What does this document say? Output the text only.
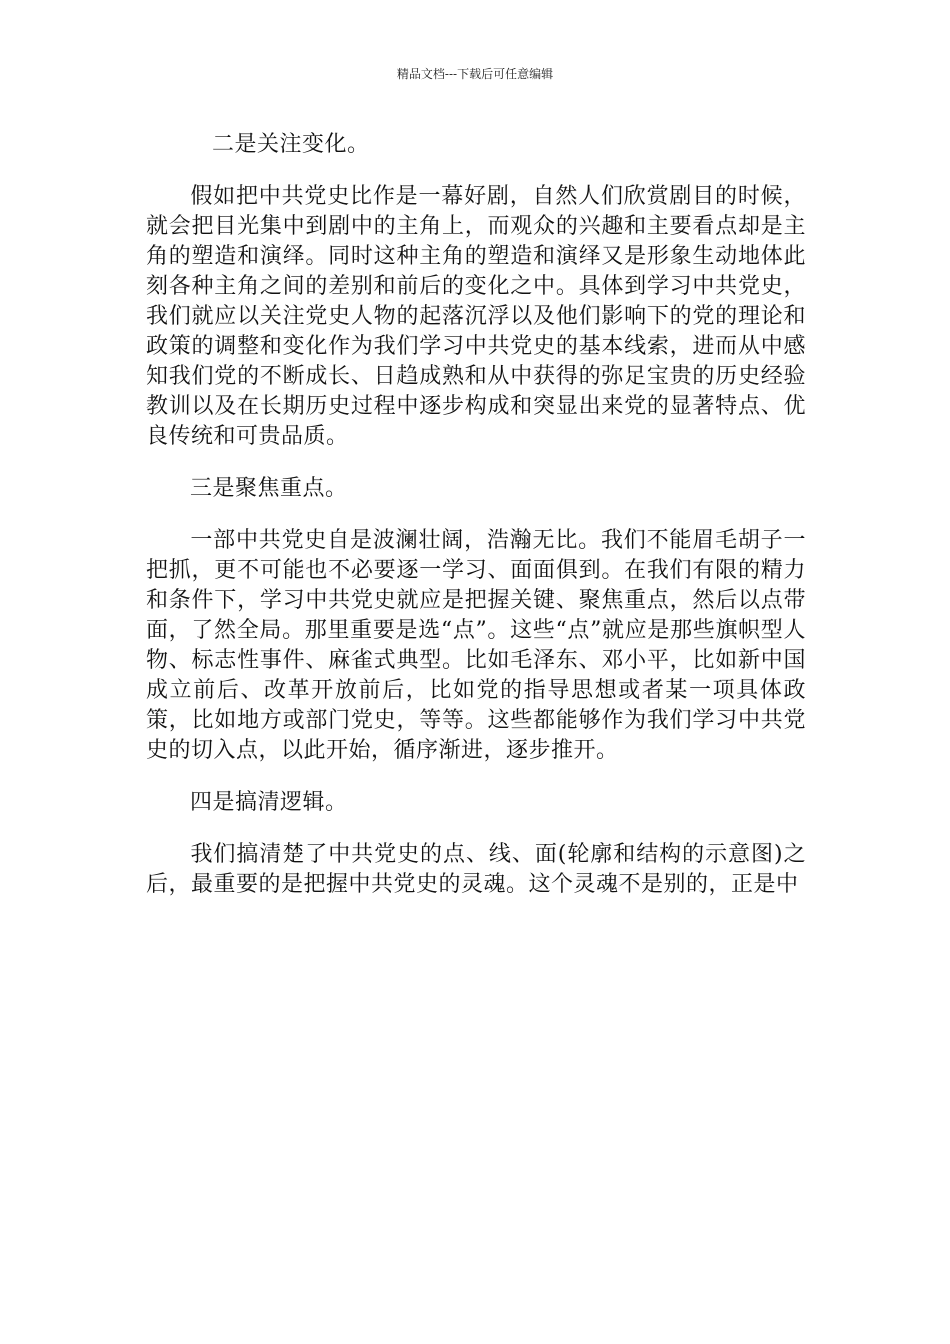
精品文档---下载后可任意编辑

二是关注变化。

假如把中共党史比作是一幕好剧，自然人们欣赏剧目的时候，就会把目光集中到剧中的主角上，而观众的兴趣和主要看点却是主角的塑造和演绎。同时这种主角的塑造和演绎又是形象生动地体此刻各种主角之间的差别和前后的变化之中。具体到学习中共党史，我们就应以关注党史人物的起落沉浮以及他们影响下的党的理论和政策的调整和变化作为我们学习中共党史的基本线索，进而从中感知我们党的不断成长、日趋成熟和从中获得的弥足宝贵的历史经验教训以及在长期历史过程中逐步构成和突显出来党的显著特点、优良传统和可贵品质。

三是聚焦重点。

一部中共党史自是波澜壮阔，浩瀚无比。我们不能眉毛胡子一把抓，更不可能也不必要逐一学习、面面俱到。在我们有限的精力和条件下，学习中共党史就应是把握关键、聚焦重点，然后以点带面，了然全局。那里重要是选“点”。这些“点”就应是那些旗帜型人物、标志性事件、麻雀式典型。比如毛泽东、邓小平，比如新中国成立前后、改革开放前后，比如党的指导思想或者某一项具体政策，比如地方或部门党史，等等。这些都能够作为我们学习中共党史的切入点，以此开始，循序渐进，逐步推开。

四是搞清逻辑。

我们搞清楚了中共党史的点、线、面(轮廓和结构的示意图)之后，最重要的是把握中共党史的灵魂。这个灵魂不是别的，正是中
